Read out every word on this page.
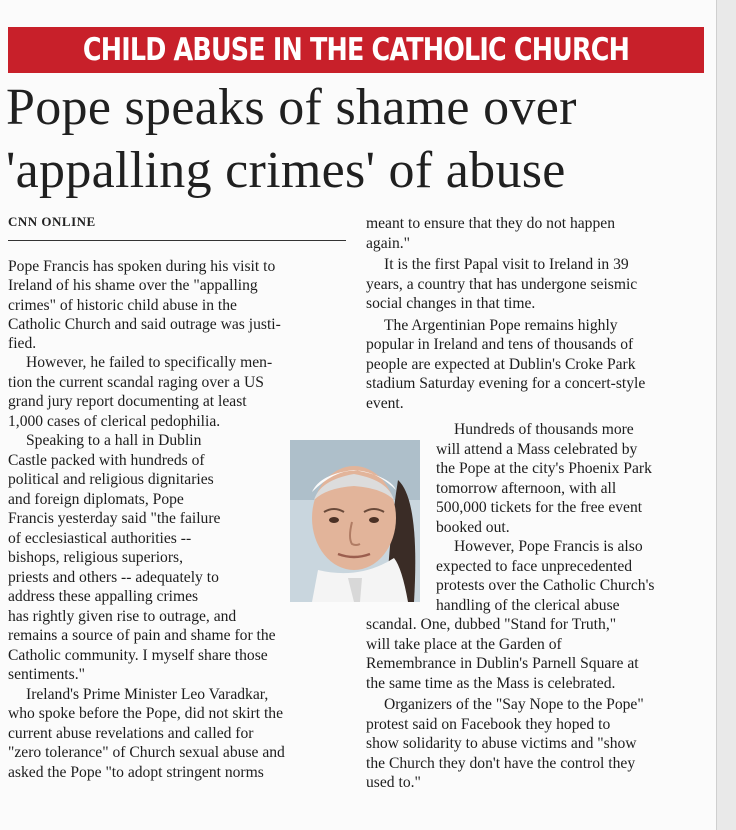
CHILD ABUSE IN THE CATHOLIC CHURCH
Pope speaks of shame over
'appalling crimes' of abuse
CNN ONLINE

Pope Francis has spoken during his visit to
Ireland of his shame over the "appalling
crimes" of historic child abuse in the
Catholic Church and said outrage was justi-
fied.

However, he failed to specifically men-
tion the current scandal raging over a US
grand jury report documenting at least
1,000 cases of clerical pedophilia.

Speaking to a hall in Dublin
Castle packed with hundreds of
political and religious dignitaries
and foreign diplomats, Pope
Francis yesterday said "the failure
of ecclesiastical authorities --
bishops, religious superiors,
priests and others -- adequately to
address these appalling crimes

has rightly given rise to outrage, and
remains a source of pain and shame for the
Catholic community. I myself share those
sentiments."

Ireland's Prime Minister Leo Varadkar,
who spoke before the Pope, did not skirt the
current abuse revelations and called for
"zero tolerance" of Church sexual abuse and
asked the Pope "to adopt stringent norms

meant to ensure that they do not happen
again."

It is the first Papal visit to Ireland in 39
years, a country that has undergone seismic
social changes in that time.

The Argentinian Pope remains highly
popular in Ireland and tens of thousands of
people are expected at Dublin's Croke Park
stadium Saturday evening for a concert-style
event.

Hundreds of thousands more
will attend a Mass celebrated by
the Pope at the city's Phoenix Park
tomorrow afternoon, with all
500,000 tickets for the free event
booked out.

However, Pope Francis is also
expected to face unprecedented
protests over the Catholic Church's
handling of the clerical abuse

scandal. One, dubbed "Stand for Truth,"
will take place at the Garden of
Remembrance in Dublin's Parnell Square at
the same time as the Mass is celebrated.

Organizers of the "Say Nope to the Pope"
protest said on Facebook they hoped to
show solidarity to abuse victims and "show
the Church they don't have the control they
used to."
